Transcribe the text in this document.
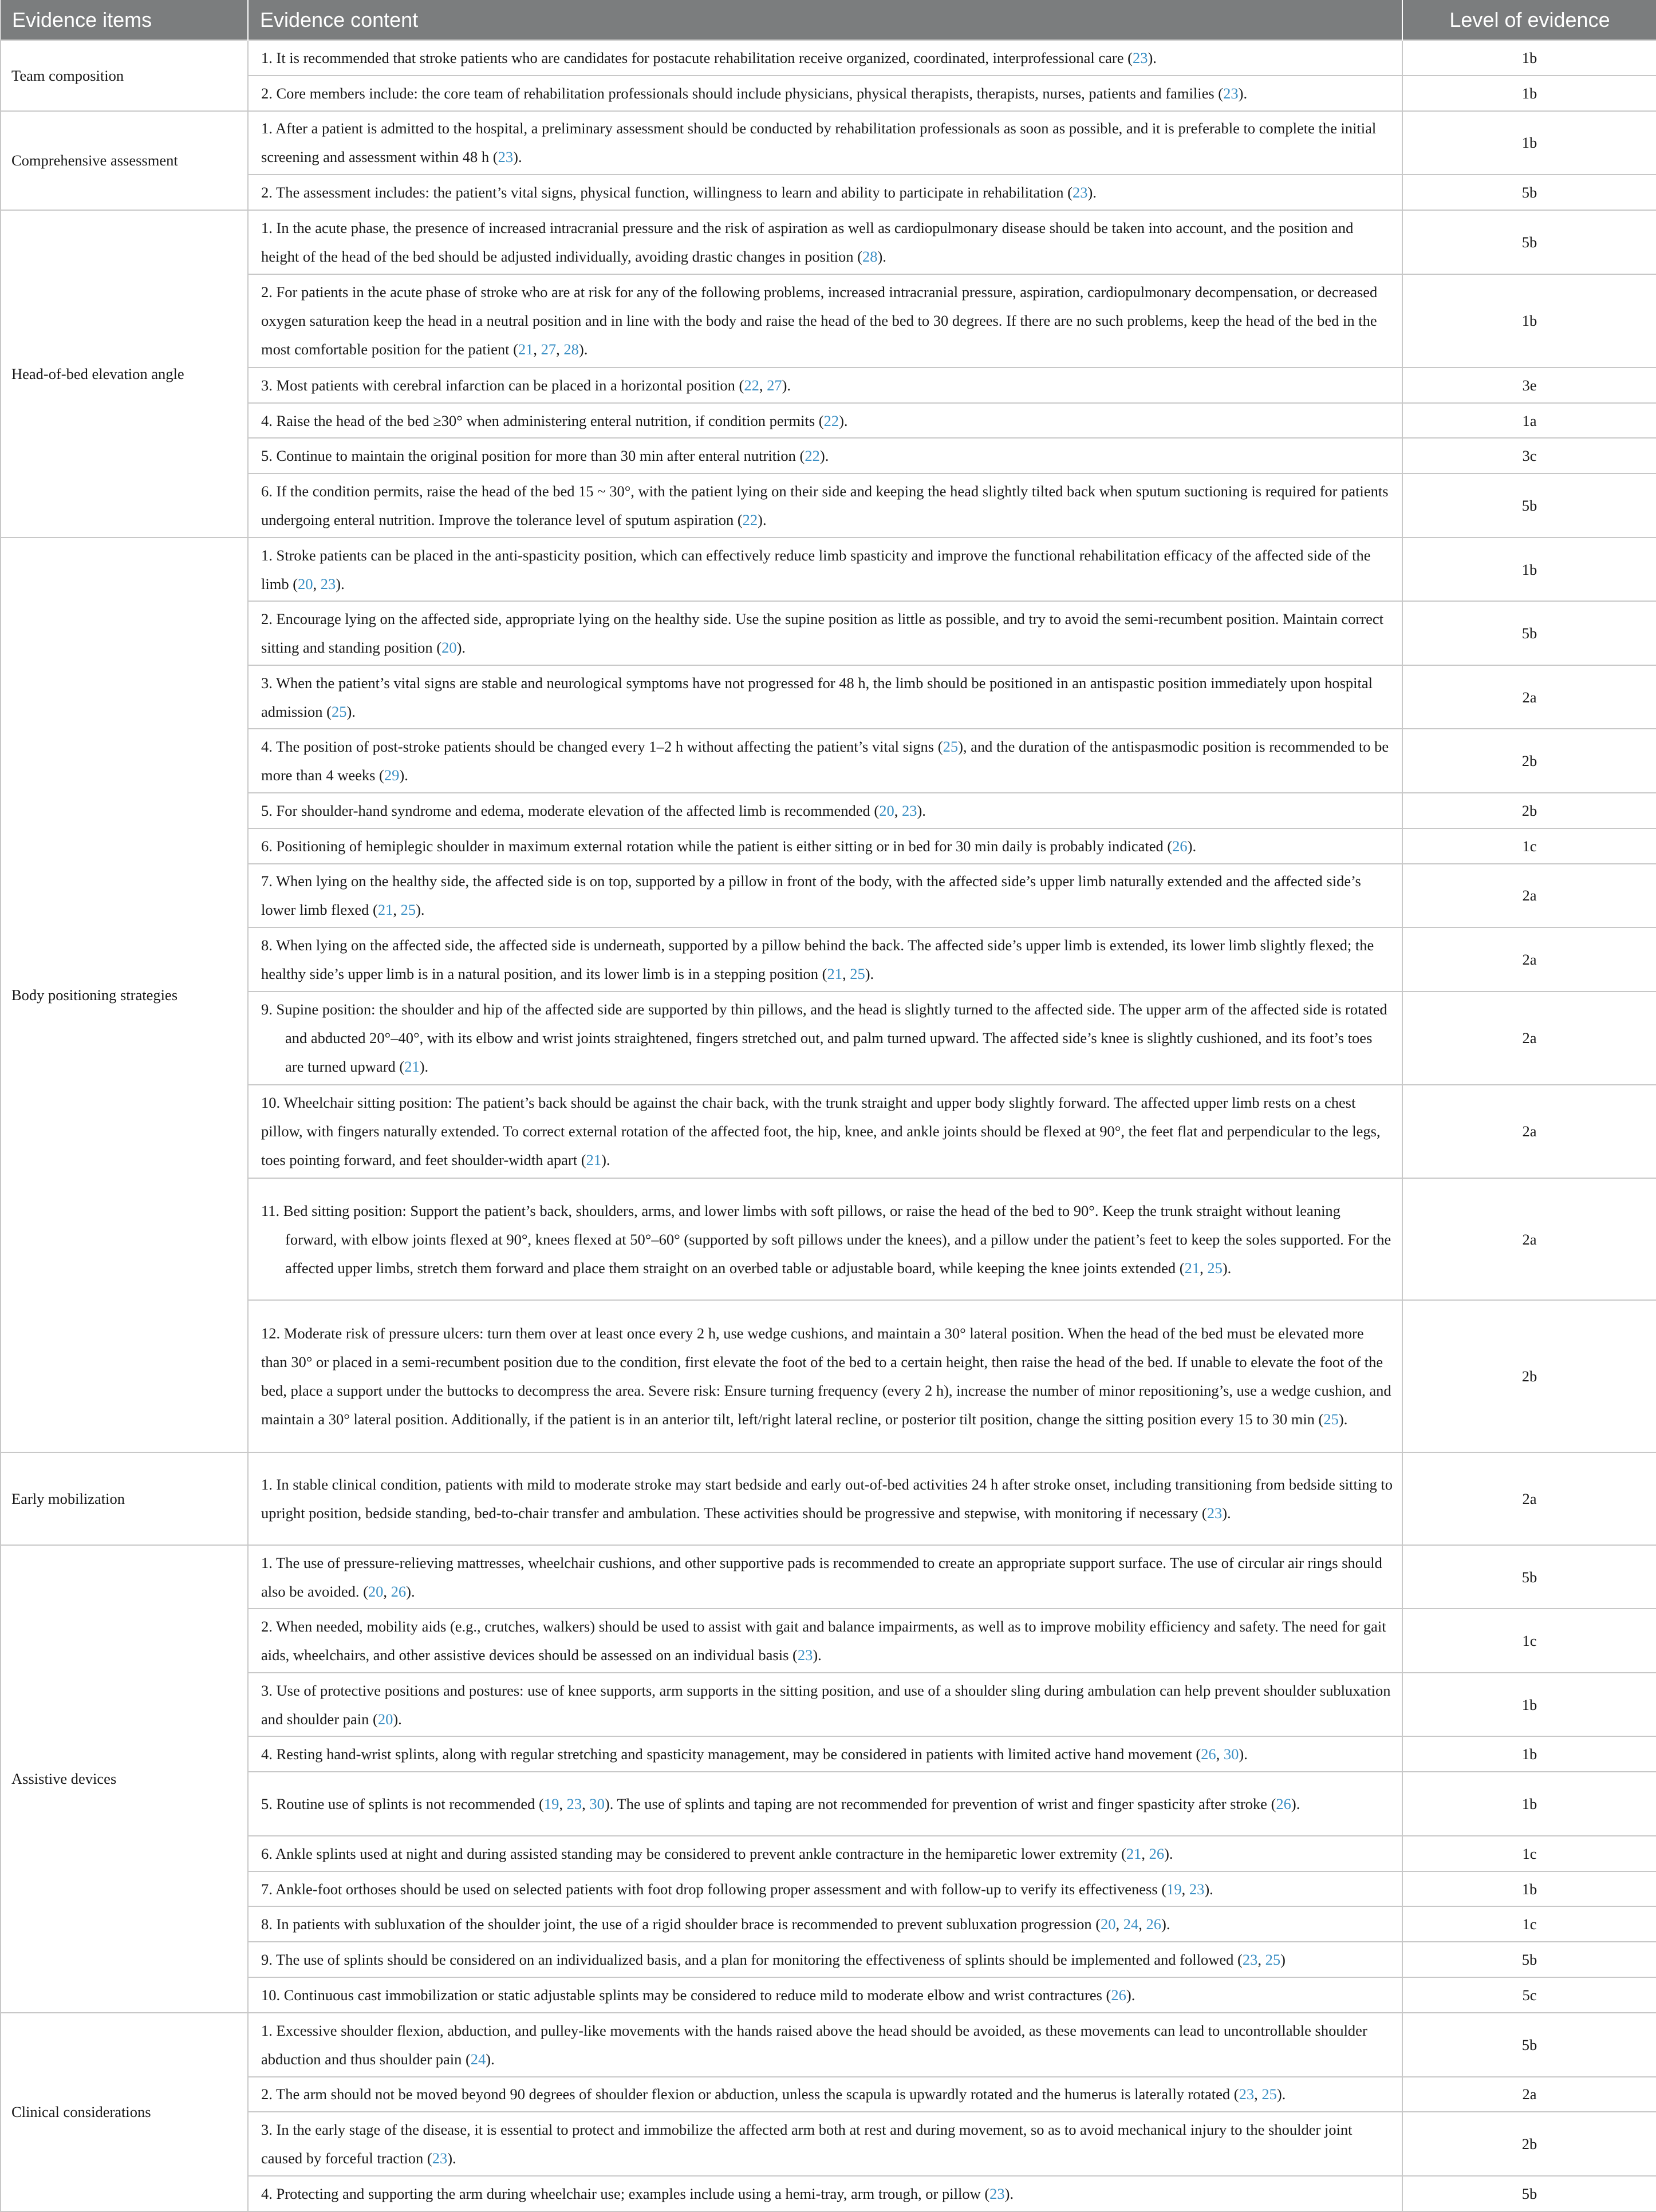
Evidence items	Evidence content	Level of evidence
Team composition	1. It is recommended that stroke patients who are candidates for postacute rehabilitation receive organized, coordinated, interprofessional care (23).	1b
	2. Core members include: the core team of rehabilitation professionals should include physicians, physical therapists, therapists, nurses, patients and families (23).	1b
Comprehensive assessment	1. After a patient is admitted to the hospital, a preliminary assessment should be conducted by rehabilitation professionals as soon as possible, and it is preferable to complete the initial screening and assessment within 48 h (23).	1b
	2. The assessment includes: the patient’s vital signs, physical function, willingness to learn and ability to participate in rehabilitation (23).	5b
Head-of-bed elevation angle	1. In the acute phase, the presence of increased intracranial pressure and the risk of aspiration as well as cardiopulmonary disease should be taken into account, and the position and height of the head of the bed should be adjusted individually, avoiding drastic changes in position (28).	5b
	2. For patients in the acute phase of stroke who are at risk for any of the following problems, increased intracranial pressure, aspiration, cardiopulmonary decompensation, or decreased oxygen saturation keep the head in a neutral position and in line with the body and raise the head of the bed to 30 degrees. If there are no such problems, keep the head of the bed in the most comfortable position for the patient (21, 27, 28).	1b
	3. Most patients with cerebral infarction can be placed in a horizontal position (22, 27).	3e
	4. Raise the head of the bed ≥30° when administering enteral nutrition, if condition permits (22).	1a
	5. Continue to maintain the original position for more than 30 min after enteral nutrition (22).	3c
	6. If the condition permits, raise the head of the bed 15 ~ 30°, with the patient lying on their side and keeping the head slightly tilted back when sputum suctioning is required for patients undergoing enteral nutrition. Improve the tolerance level of sputum aspiration (22).	5b
Body positioning strategies	1. Stroke patients can be placed in the anti-spasticity position, which can effectively reduce limb spasticity and improve the functional rehabilitation efficacy of the affected side of the limb (20, 23).	1b
	2. Encourage lying on the affected side, appropriate lying on the healthy side. Use the supine position as little as possible, and try to avoid the semi-recumbent position. Maintain correct sitting and standing position (20).	5b
	3. When the patient’s vital signs are stable and neurological symptoms have not progressed for 48 h, the limb should be positioned in an antispastic position immediately upon hospital admission (25).	2a
	4. The position of post-stroke patients should be changed every 1–2 h without affecting the patient’s vital signs (25), and the duration of the antispasmodic position is recommended to be more than 4 weeks (29).	2b
	5. For shoulder-hand syndrome and edema, moderate elevation of the affected limb is recommended (20, 23).	2b
	6. Positioning of hemiplegic shoulder in maximum external rotation while the patient is either sitting or in bed for 30 min daily is probably indicated (26).	1c
	7. When lying on the healthy side, the affected side is on top, supported by a pillow in front of the body, with the affected side’s upper limb naturally extended and the affected side’s lower limb flexed (21, 25).	2a
	8. When lying on the affected side, the affected side is underneath, supported by a pillow behind the back. The affected side’s upper limb is extended, its lower limb slightly flexed; the healthy side’s upper limb is in a natural position, and its lower limb is in a stepping position (21, 25).	2a
	9. Supine position: the shoulder and hip of the affected side are supported by thin pillows, and the head is slightly turned to the affected side. The upper arm of the affected side is rotated and abducted 20°–40°, with its elbow and wrist joints straightened, fingers stretched out, and palm turned upward. The affected side’s knee is slightly cushioned, and its foot’s toes are turned upward (21).	2a
	10. Wheelchair sitting position: The patient’s back should be against the chair back, with the trunk straight and upper body slightly forward. The affected upper limb rests on a chest pillow, with fingers naturally extended. To correct external rotation of the affected foot, the hip, knee, and ankle joints should be flexed at 90°, the feet flat and perpendicular to the legs, toes pointing forward, and feet shoulder-width apart (21).	2a
	11. Bed sitting position: Support the patient’s back, shoulders, arms, and lower limbs with soft pillows, or raise the head of the bed to 90°. Keep the trunk straight without leaning forward, with elbow joints flexed at 90°, knees flexed at 50°–60° (supported by soft pillows under the knees), and a pillow under the patient’s feet to keep the soles supported. For the affected upper limbs, stretch them forward and place them straight on an overbed table or adjustable board, while keeping the knee joints extended (21, 25).	2a
	12. Moderate risk of pressure ulcers: turn them over at least once every 2 h, use wedge cushions, and maintain a 30° lateral position. When the head of the bed must be elevated more than 30° or placed in a semi-recumbent position due to the condition, first elevate the foot of the bed to a certain height, then raise the head of the bed. If unable to elevate the foot of the bed, place a support under the buttocks to decompress the area. Severe risk: Ensure turning frequency (every 2 h), increase the number of minor repositioning’s, use a wedge cushion, and maintain a 30° lateral position. Additionally, if the patient is in an anterior tilt, left/right lateral recline, or posterior tilt position, change the sitting position every 15 to 30 min (25).	2b
Early mobilization	1. In stable clinical condition, patients with mild to moderate stroke may start bedside and early out-of-bed activities 24 h after stroke onset, including transitioning from bedside sitting to upright position, bedside standing, bed-to-chair transfer and ambulation. These activities should be progressive and stepwise, with monitoring if necessary (23).	2a
Assistive devices	1. The use of pressure-relieving mattresses, wheelchair cushions, and other supportive pads is recommended to create an appropriate support surface. The use of circular air rings should also be avoided. (20, 26).	5b
	2. When needed, mobility aids (e.g., crutches, walkers) should be used to assist with gait and balance impairments, as well as to improve mobility efficiency and safety. The need for gait aids, wheelchairs, and other assistive devices should be assessed on an individual basis (23).	1c
	3. Use of protective positions and postures: use of knee supports, arm supports in the sitting position, and use of a shoulder sling during ambulation can help prevent shoulder subluxation and shoulder pain (20).	1b
	4. Resting hand-wrist splints, along with regular stretching and spasticity management, may be considered in patients with limited active hand movement (26, 30).	1b
	5. Routine use of splints is not recommended (19, 23, 30). The use of splints and taping are not recommended for prevention of wrist and finger spasticity after stroke (26).	1b
	6. Ankle splints used at night and during assisted standing may be considered to prevent ankle contracture in the hemiparetic lower extremity (21, 26).	1c
	7. Ankle-foot orthoses should be used on selected patients with foot drop following proper assessment and with follow-up to verify its effectiveness (19, 23).	1b
	8. In patients with subluxation of the shoulder joint, the use of a rigid shoulder brace is recommended to prevent subluxation progression (20, 24, 26).	1c
	9. The use of splints should be considered on an individualized basis, and a plan for monitoring the effectiveness of splints should be implemented and followed (23, 25)	5b
	10. Continuous cast immobilization or static adjustable splints may be considered to reduce mild to moderate elbow and wrist contractures (26).	5c
Clinical considerations	1. Excessive shoulder flexion, abduction, and pulley-like movements with the hands raised above the head should be avoided, as these movements can lead to uncontrollable shoulder abduction and thus shoulder pain (24).	5b
	2. The arm should not be moved beyond 90 degrees of shoulder flexion or abduction, unless the scapula is upwardly rotated and the humerus is laterally rotated (23, 25).	2a
	3. In the early stage of the disease, it is essential to protect and immobilize the affected arm both at rest and during movement, so as to avoid mechanical injury to the shoulder joint caused by forceful traction (23).	2b
	4. Protecting and supporting the arm during wheelchair use; examples include using a hemi-tray, arm trough, or pillow (23).	5b
